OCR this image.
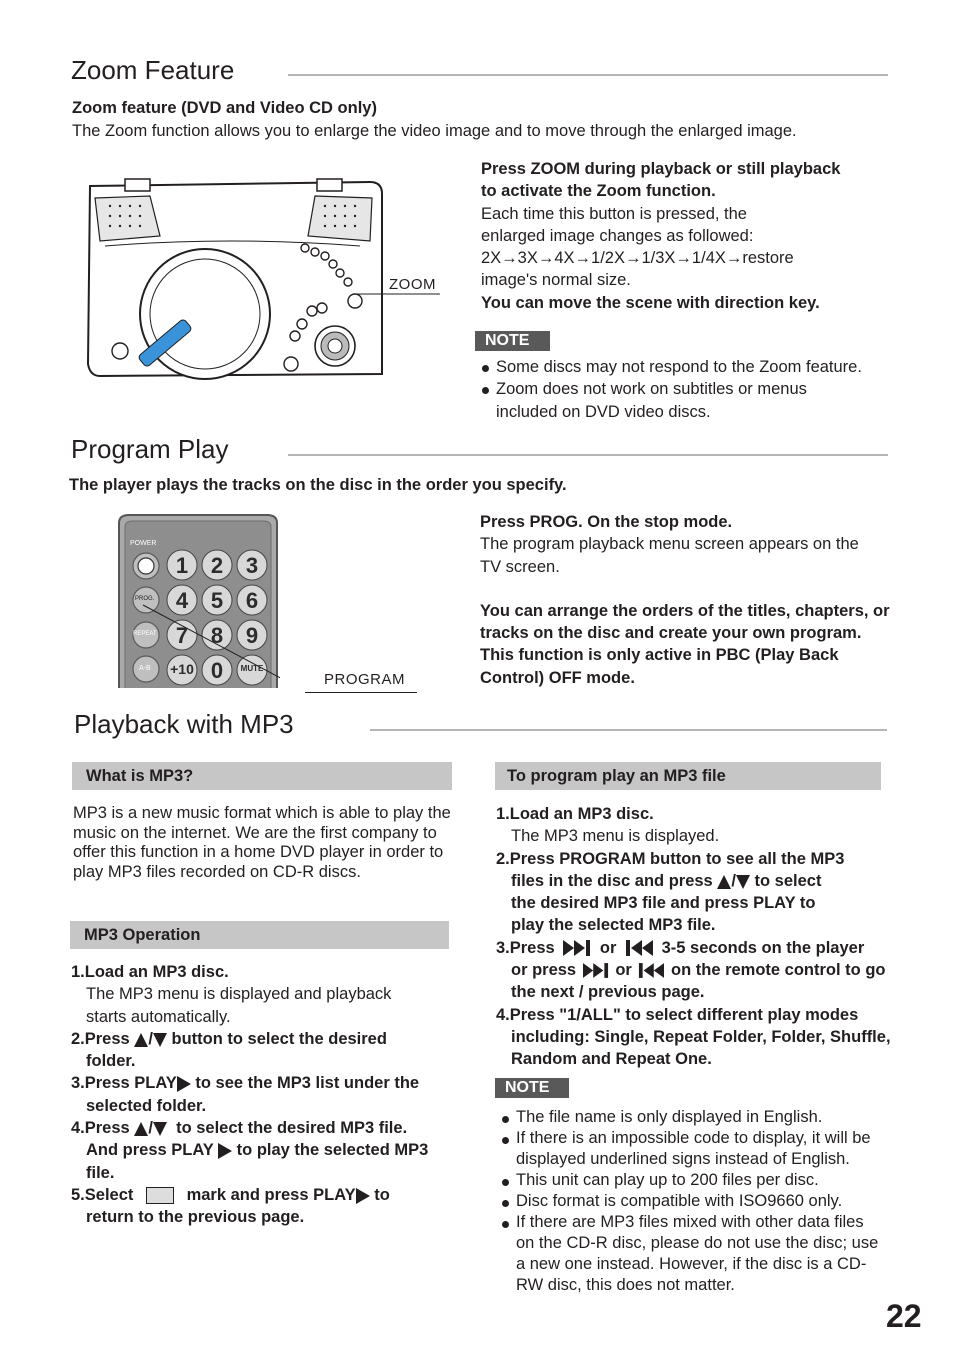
Zoom Feature
Zoom feature (DVD and Video CD only)
The Zoom function allows you to enlarge the video image and to move through the enlarged image.
ZOOM

Press ZOOM during playback or still playback to activate the Zoom function.

Each time this button is pressed, the

enlarged image changes as followed:

2X→3X→4X→1/2X→1/3X→1/4X→restore

image's normal size.

You can move the scene with direction key.

NOTE

Some discs may not respond to the Zoom feature.

Zoom does not work on subtitles or menus included on DVD video discs.

Program Play
The player plays the tracks on the disc in the order you specify.
POWER
PROG.
REPEAT
A-B
1	2	3
4	5	6
7	8	9
+10 0	MUTE
PROGRAM

Press PROG. On the stop mode.

The program playback menu screen appears on the TV screen.

You can arrange the orders of the titles, chapters, or tracks on the disc and create your own program. This function is only active in PBC (Play Back Control) OFF mode.

Playback with MP3
What is MP3?
MP3 is a new music format which is able to play the music on the internet. We are the first company to offer this function in a home DVD player in order to play MP3 files recorded on CD-R discs.
MP3 Operation

1.Load an MP3 disc.

The MP3 menu is displayed and playback starts automatically.

2.Press / button to select the desired

folder.

3.Press PLAY to see the MP3 list under the

selected folder.

4.Press / to select the desired MP3 file.

And press PLAY to play the selected MP3

file.

5.Select	mark and press PLAY to

return to the previous page.

To program play an MP3 file

1.Load an MP3 disc.

The MP3 menu is displayed.

2.Press PROGRAM button to see all the MP3

files in the disc and press / to select

the desired MP3 file and press PLAY to

play the selected MP3 file.

3.Press	or	3-5 seconds on the player

or press or on the remote control to go

the next / previous page.

4.Press "1/ALL" to select different play modes including: Single, Repeat Folder, Folder, Shuffle, Random and Repeat One.

NOTE

The file name is only displayed in English.

If there is an impossible code to display, it will be displayed underlined signs instead of English.

This unit can play up to 200 files per disc.

Disc format is compatible with ISO9660 only.

If there are MP3 files mixed with other data files on the CD-R disc, please do not use the disc; use a new one instead. However, if the disc is a CD-RW disc, this does not matter.

22
